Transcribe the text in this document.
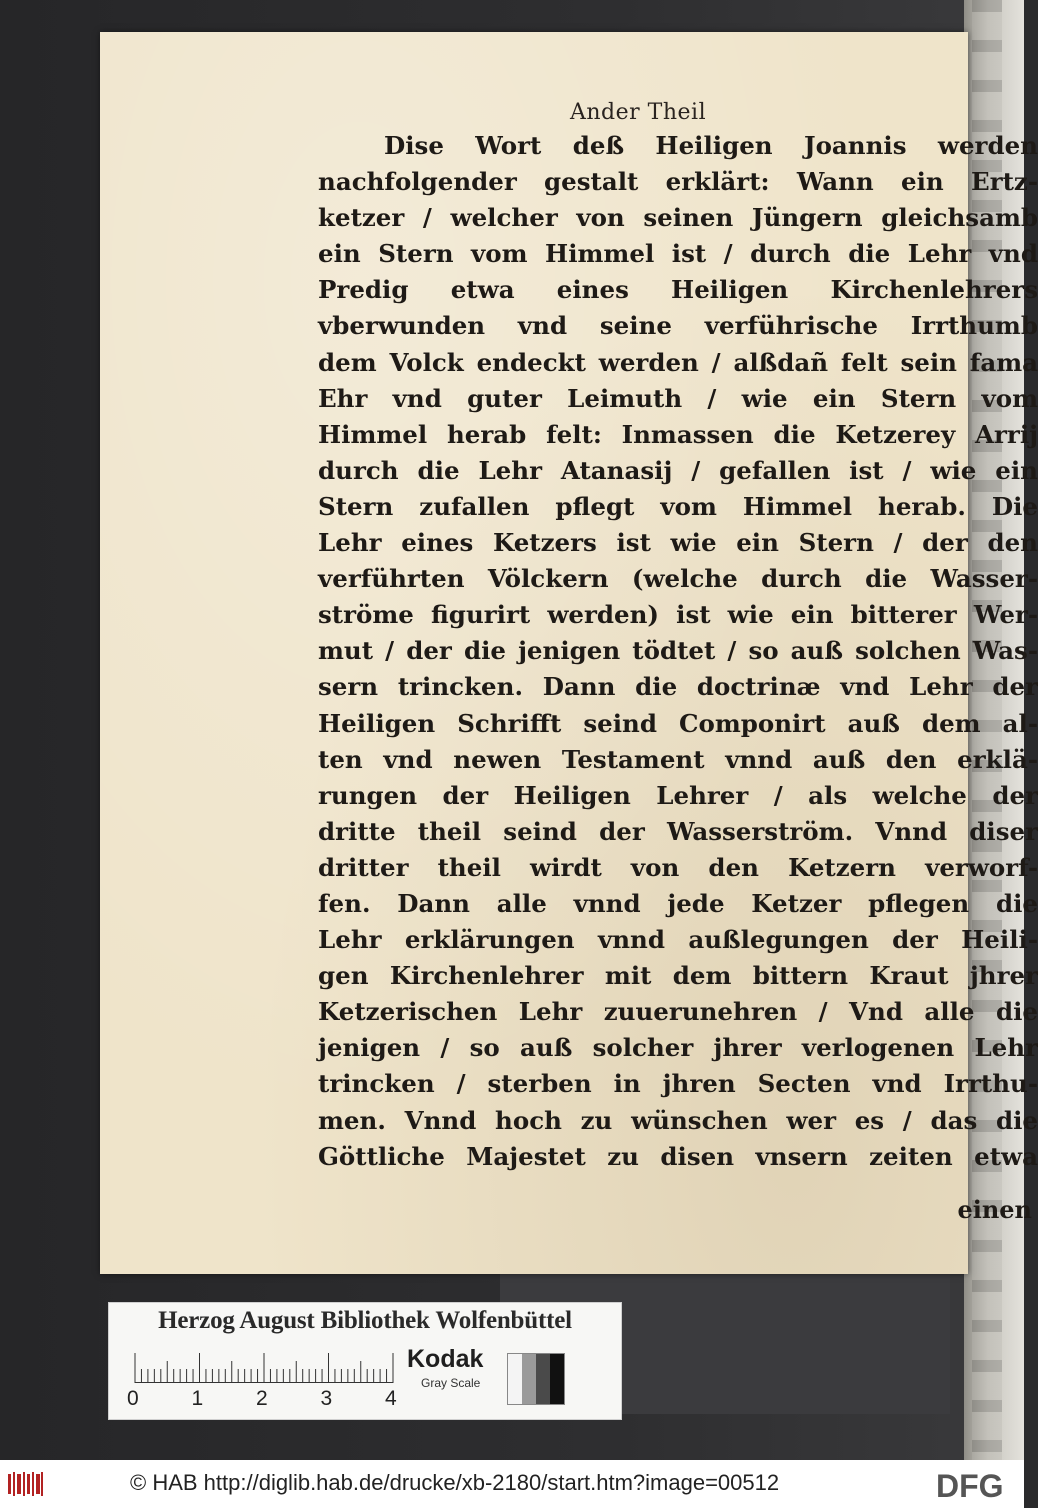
Ander Theil
Dise Wort deß Heiligen Joannis werden
nachfolgender gestalt erklärt: Wann ein Ertz-
ketzer / welcher von seinen Jüngern gleichsamb
ein Stern vom Himmel ist / durch die Lehr vnd
Predig etwa eines Heiligen Kirchenlehrers
vberwunden vnd seine verführische Irrthumb
dem Volck endeckt werden / alßdañ felt sein fama
Ehr vnd guter Leimuth / wie ein Stern vom
Himmel herab felt: Inmassen die Ketzerey Arrij
durch die Lehr Atanasij / gefallen ist / wie ein
Stern zufallen pflegt vom Himmel herab. Die
Lehr eines Ketzers ist wie ein Stern / der den
verführten Völckern (welche durch die Wasser-
ströme figurirt werden) ist wie ein bitterer Wer-
mut / der die jenigen tödtet / so auß solchen Was-
sern trincken. Dann die doctrinæ vnd Lehr der
Heiligen Schrifft seind Componirt auß dem al-
ten vnd newen Testament vnnd auß den erklä-
rungen der Heiligen Lehrer / als welche der
dritte theil seind der Wasserström. Vnnd diser
dritter theil wirdt von den Ketzern verworf-
fen. Dann alle vnnd jede Ketzer pflegen die
Lehr erklärungen vnnd außlegungen der Heili-
gen Kirchenlehrer mit dem bittern Kraut jhrer
Ketzerischen Lehr zuuerunehren / Vnd alle die
jenigen / so auß solcher jhrer verlogenen Lehr
trincken / sterben in jhren Secten vnd Irrthu-
men. Vnnd hoch zu wünschen wer es / das die
Göttliche Majestet zu disen vnsern zeiten etwa
einen
Herzog August Bibliothek Wolfenbüttel
0	1	2	3	4
Kodak
Gray Scale
© HAB http://diglib.hab.de/drucke/xb-2180/start.htm?image=00512	DFG
